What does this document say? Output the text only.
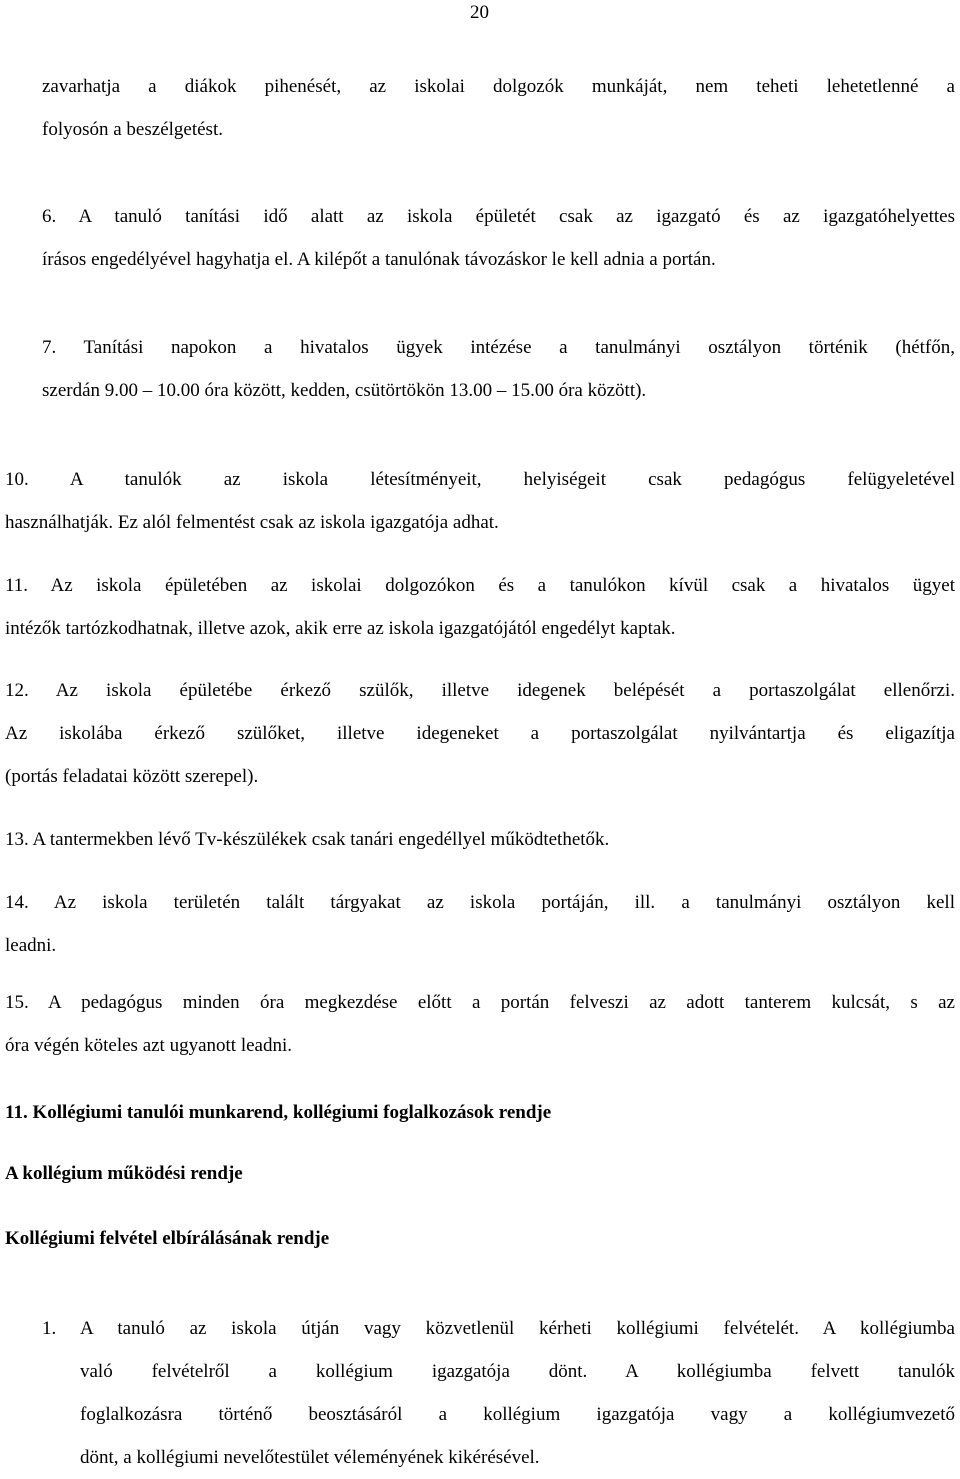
20
zavarhatja a diákok pihenését, az iskolai dolgozók munkáját, nem teheti lehetetlenné a
folyosón a beszélgetést.
6. A tanuló tanítási idő alatt az iskola épületét csak az igazgató és az igazgatóhelyettes
írásos engedélyével hagyhatja el. A kilépőt a tanulónak távozáskor le kell adnia a portán.
7. Tanítási napokon a hivatalos ügyek intézése a tanulmányi osztályon történik (hétfőn,
szerdán 9.00 – 10.00 óra között, kedden, csütörtökön 13.00 – 15.00 óra között).
10. A tanulók az iskola létesítményeit, helyiségeit csak pedagógus felügyeletével
használhatják. Ez alól felmentést csak az iskola igazgatója adhat.
11. Az iskola épületében az iskolai dolgozókon és a tanulókon kívül csak a hivatalos ügyet
intézők tartózkodhatnak, illetve azok, akik erre az iskola igazgatójától engedélyt kaptak.
12. Az iskola épületébe érkező szülők, illetve idegenek belépését a portaszolgálat ellenőrzi.
Az iskolába érkező szülőket, illetve idegeneket a portaszolgálat nyilvántartja és eligazítja
(portás feladatai között szerepel).
13. A tantermekben lévő Tv-készülékek csak tanári engedéllyel működtethetők.
14. Az iskola területén talált tárgyakat az iskola portáján, ill. a tanulmányi osztályon kell
leadni.
15. A pedagógus minden óra megkezdése előtt a portán felveszi az adott tanterem kulcsát, s az
óra végén köteles azt ugyanott leadni.
11. Kollégiumi tanulói munkarend, kollégiumi foglalkozások rendje
A kollégium működési rendje
Kollégiumi felvétel elbírálásának rendje
1.	A tanuló az iskola útján vagy közvetlenül kérheti kollégiumi felvételét. A kollégiumba
való felvételről a kollégium igazgatója dönt. A kollégiumba felvett tanulók
foglalkozásra történő beosztásáról a kollégium igazgatója vagy a kollégiumvezető
dönt, a kollégiumi nevelőtestület véleményének kikérésével.
